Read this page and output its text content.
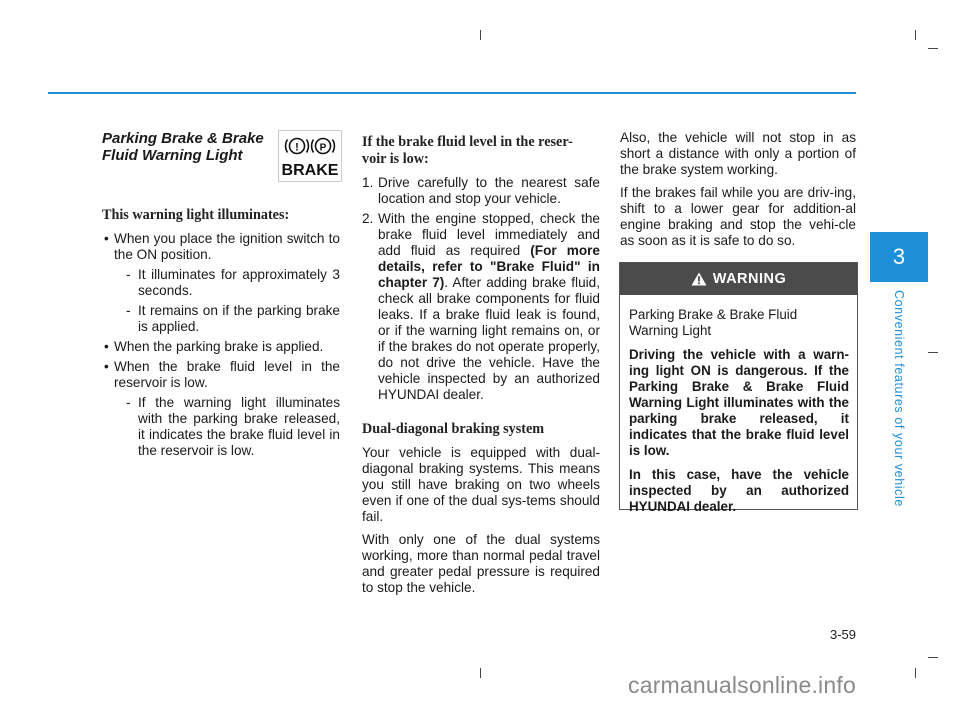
Parking Brake & Brake
Fluid Warning Light

This warning light illuminates:

• When you place the ignition switch to the ON position.
- It illuminates for approximately 3 seconds.
- It remains on if the parking brake is applied.
• When the parking brake is applied.
• When the brake fluid level in the reservoir is low.
- If the warning light illuminates with the parking brake released, it indicates the brake fluid level in the reservoir is low.
! P
BRAKE

If the brake fluid level in the reser- voir is low:

1. Drive carefully to the nearest safe location and stop your vehicle.
2. With the engine stopped, check the brake fluid level immediately and add fluid as required (For more details, refer to "Brake Fluid" in chapter 7). After adding brake fluid, check all brake components for fluid leaks. If a brake fluid leak is found, or if the warning light remains on, or if the brakes do not operate properly, do not drive the vehicle. Have the vehicle inspected by an authorized HYUNDAI dealer.

Dual-diagonal braking system

Your vehicle is equipped with dual-diagonal braking systems. This means you still have braking on two wheels even if one of the dual sys-tems should fail.

With only one of the dual systems working, more than normal pedal travel and greater pedal pressure is required to stop the vehicle.

Also, the vehicle will not stop in as short a distance with only a portion of the brake system working.

If the brakes fail while you are driv-ing, shift to a lower gear for addition-al engine braking and stop the vehi-cle as soon as it is safe to do so.

WARNING

Parking Brake & Brake Fluid Warning Light

Driving the vehicle with a warn-ing light ON is dangerous. If the Parking Brake & Brake Fluid Warning Light illuminates with the parking brake released, it indicates that the brake fluid level is low.

In this case, have the vehicle inspected by an authorized HYUNDAI dealer.

3
Convenient features of your vehicle
3-59
carmanualsonline.info
